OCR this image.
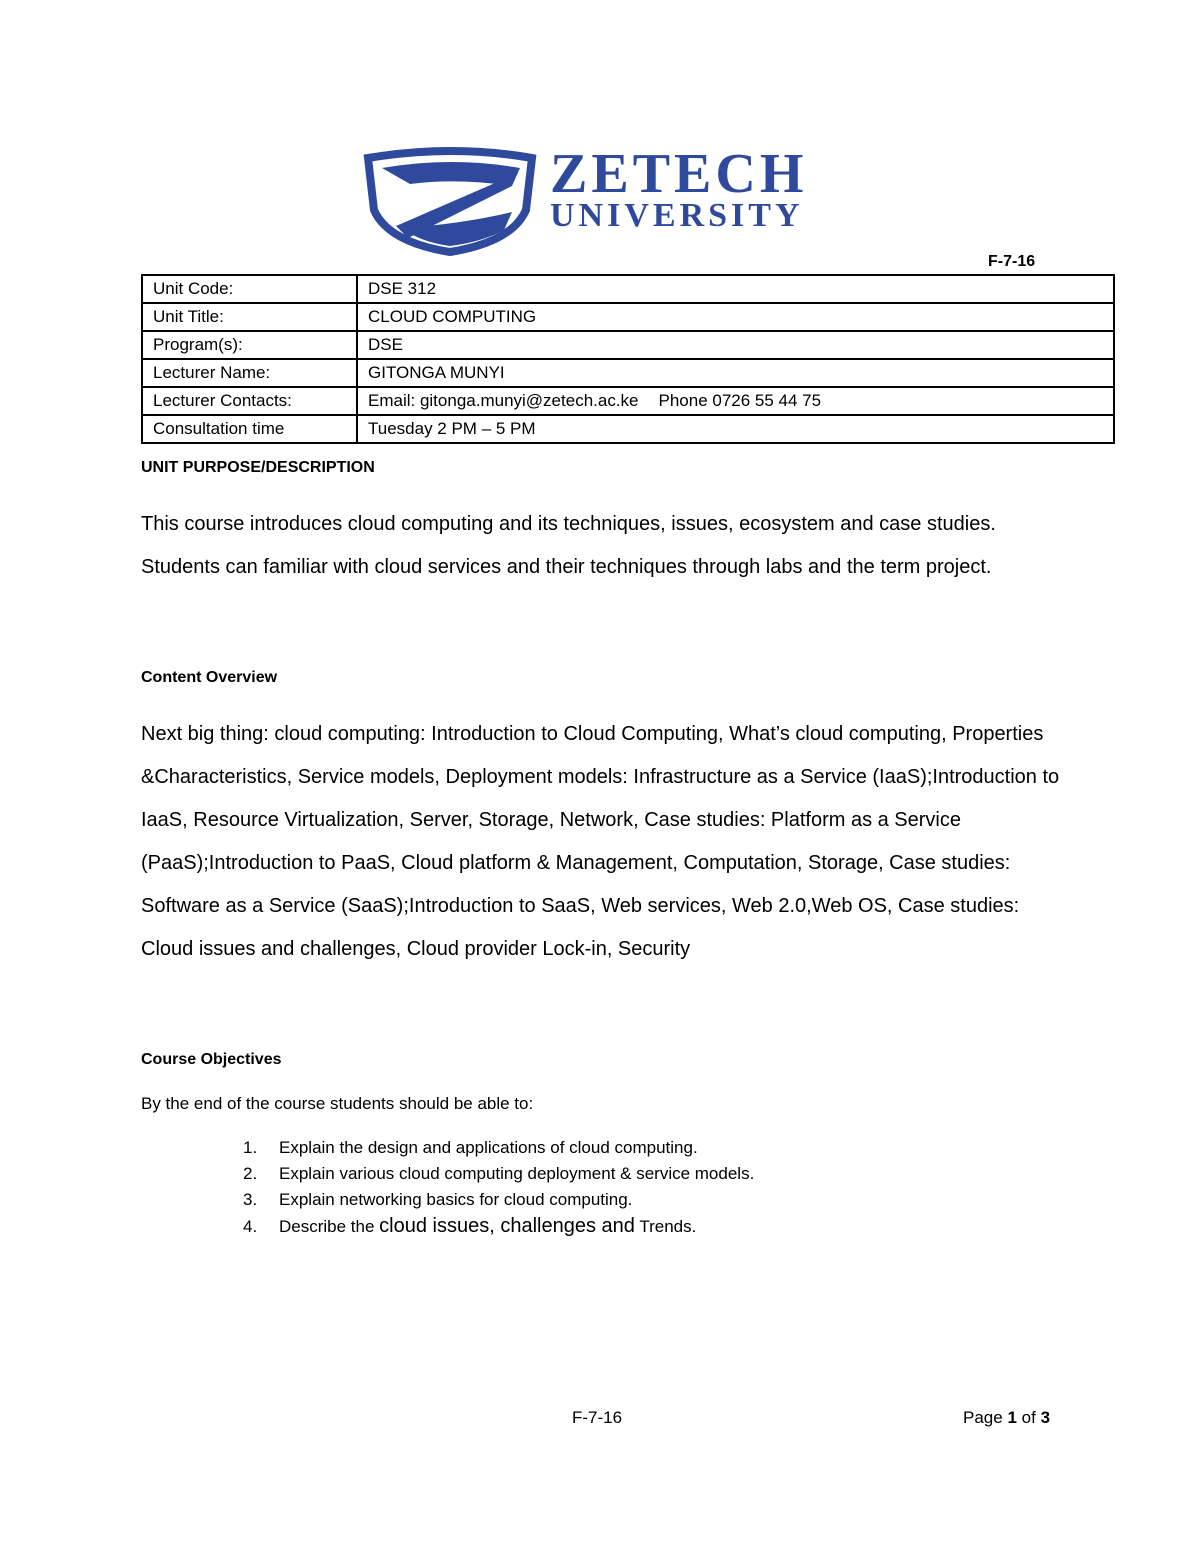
ZETECH
UNIVERSITY
F-7-16
Unit Code:	DSE 312
Unit Title:	CLOUD COMPUTING
Program(s):	DSE
Lecturer Name:	GITONGA MUNYI
Lecturer Contacts:	Email: gitonga.munyi@zetech.ac.ke Phone 0726 55 44 75
Consultation time	Tuesday 2 PM – 5 PM
UNIT PURPOSE/DESCRIPTION
This course introduces cloud computing and its techniques, issues, ecosystem and case studies. Students can familiar with cloud services and their techniques through labs and the term project.
Content Overview
Next big thing: cloud computing: Introduction to Cloud Computing, What’s cloud computing, Properties &Characteristics, Service models, Deployment models: Infrastructure as a Service (IaaS);Introduction to IaaS, Resource Virtualization, Server, Storage, Network, Case studies: Platform as a Service (PaaS);Introduction to PaaS, Cloud platform & Management, Computation, Storage, Case studies: Software as a Service (SaaS);Introduction to SaaS, Web services, Web 2.0,Web OS, Case studies: Cloud issues and challenges, Cloud provider Lock-in, Security
Course Objectives
By the end of the course students should be able to:
1. Explain the design and applications of cloud computing.
2. Explain various cloud computing deployment & service models.
3. Explain networking basics for cloud computing.
4. Describe the cloud issues, challenges and Trends.
F-7-16	Page 1 of 3
